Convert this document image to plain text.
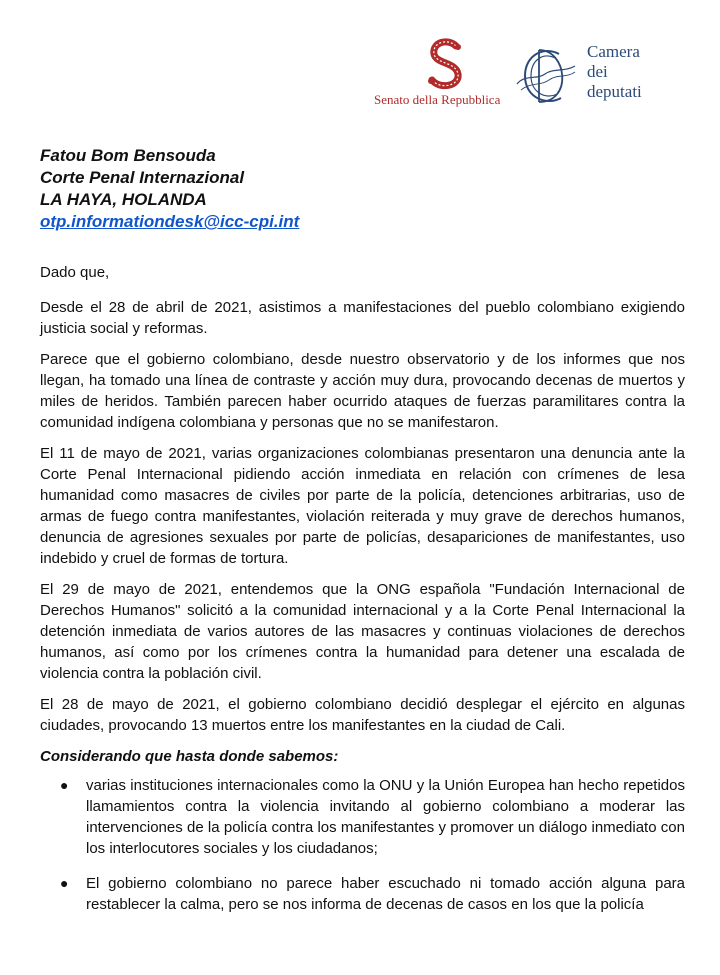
Senato della Repubblica
Camera
dei
deputati
Fatou Bom Bensouda
Corte Penal Internazional
LA HAYA, HOLANDA
otp.informationdesk@icc-cpi.int

Dado que,

Desde el 28 de abril de 2021, asistimos a manifestaciones del pueblo colombiano exigiendo justicia social y reformas.

Parece que el gobierno colombiano, desde nuestro observatorio y de los informes que nos llegan, ha tomado una línea de contraste y acción muy dura, provocando decenas de muertos y miles de heridos. También parecen haber ocurrido ataques de fuerzas paramilitares contra la comunidad indígena colombiana y personas que no se manifestaron.

El 11 de mayo de 2021, varias organizaciones colombianas presentaron una denuncia ante la Corte Penal Internacional pidiendo acción inmediata en relación con crímenes de lesa humanidad como masacres de civiles por parte de la policía, detenciones arbitrarias, uso de armas de fuego contra manifestantes, violación reiterada y muy grave de derechos humanos, denuncia de agresiones sexuales por parte de policías, desapariciones de manifestantes, uso indebido y cruel de formas de tortura.

El 29 de mayo de 2021, entendemos que la ONG española "Fundación Internacional de Derechos Humanos" solicitó a la comunidad internacional y a la Corte Penal Internacional la detención inmediata de varios autores de las masacres y continuas violaciones de derechos humanos, así como por los crímenes contra la humanidad para detener una escalada de violencia contra la población civil.

El 28 de mayo de 2021, el gobierno colombiano decidió desplegar el ejército en algunas ciudades, provocando 13 muertos entre los manifestantes en la ciudad de Cali.

Considerando que hasta donde sabemos:

● varias instituciones internacionales como la ONU y la Unión Europea han hecho repetidos llamamientos contra la violencia invitando al gobierno colombiano a moderar las intervenciones de la policía contra los manifestantes y promover un diálogo inmediato con los interlocutores sociales y los ciudadanos;
● El gobierno colombiano no parece haber escuchado ni tomado acción alguna para restablecer la calma, pero se nos informa de decenas de casos en los que la policía
